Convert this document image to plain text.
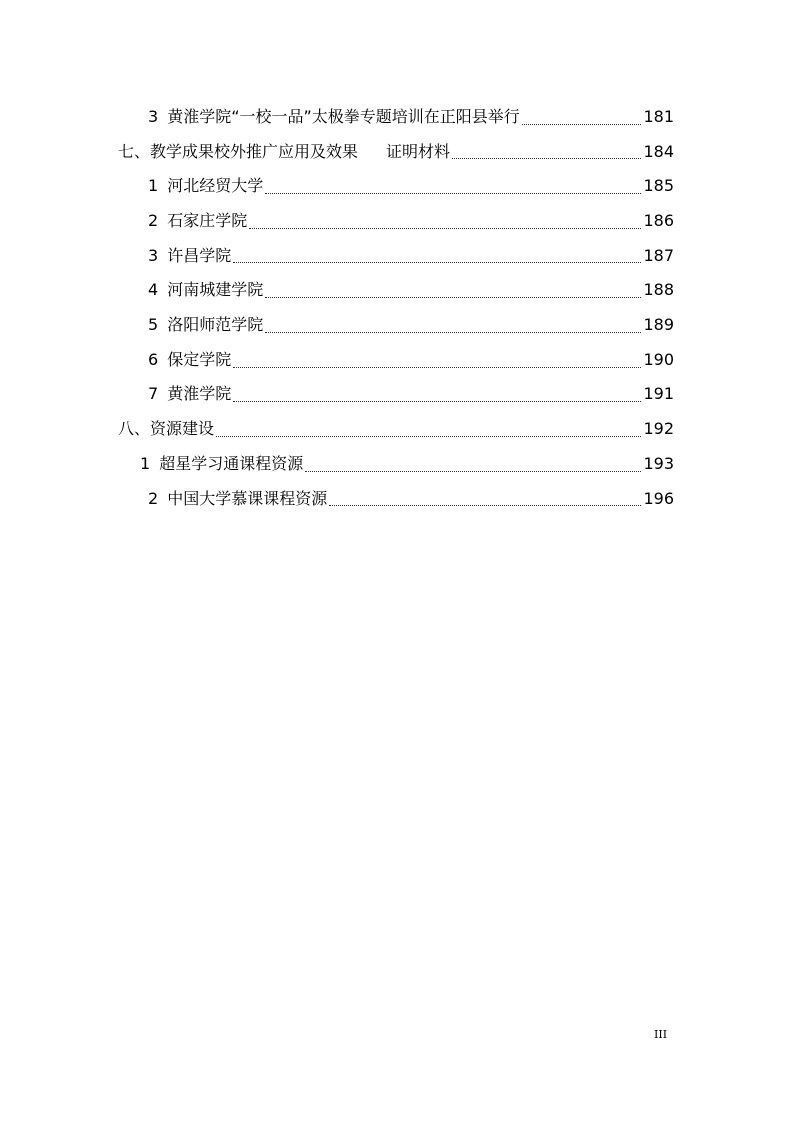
3 黄淮学院“一校一品”太极拳专题培训在正阳县举行	181
七、教学成果校外推广应用及效果 证明材料	184
1 河北经贸大学	185
2 石家庄学院	186
3 许昌学院	187
4 河南城建学院	188
5 洛阳师范学院	189
6 保定学院	190
7 黄淮学院	191
八、资源建设	192
1 超星学习通课程资源	193
2 中国大学慕课课程资源	196
III
